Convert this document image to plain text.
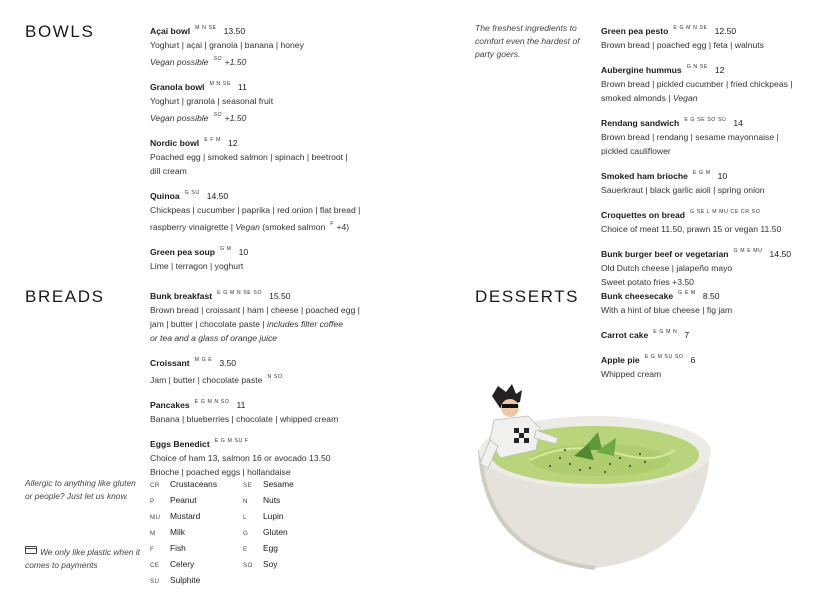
BOWLS
BREADS	DESSERTS
The freshest ingredients to comfort even the hardest of party goers.
Açai bowl $^{M N SE}$ 13.50
Yoghurt | açai | granola | banana | honey
Vegan possible $^{SO}$ +1.50
Granola bowl $^{M N SE}$ 11
Yoghurt | granola | seasonal fruit
Vegan possible $^{SO}$ +1.50
Nordic bowl $^{E F M}$ 12
Poached egg | smoked salmon | spinach | beetroot |
dill cream
Quinoa $^{G SU}$ 14.50
Chickpeas | cucumber | paprika | red onion | flat bread |
raspberry vinaigrette | Vegan (smoked salmon $^F$ +4)
Green pea soup $^{G M}$ 10
Lime | terragon | yoghurt
Bunk breakfast $^{E G M N SE SO}$ 15.50
Brown bread | croissant | ham | cheese | poached egg |
jam | butter | chocolate paste | includes filter coffee
or tea and a glass of orange juice
Croissant $^{M G E}$ 3.50
Jam | butter | chocolate paste $^{N SO}$
Pancakes $^{E G M N SO}$ 11
Banana | blueberries | chocolate | whipped cream
Eggs Benedict $^{E G M SU F}$
Choice of ham 13, salmon 16 or avocado 13.50
Brioche | poached eggs | hollandaise
Green pea pesto $^{E G M N SE}$ 12.50
Brown bread | poached egg | feta | walnuts
Aubergine hummus $^{G N SE}$ 12
Brown bread | pickled cucumber | fried chickpeas |
smoked almonds | Vegan
Rendang sandwich $^{E G SE SO SU}$ 14
Brown bread | rendang | sesame mayonnaise |
pickled cauliflower
Smoked ham brioche $^{E G M}$ 10
Sauerkraut | black garlic aioli | spring onion
Croquettes on bread $^{G SE L M MU CE CR SO}$
Choice of meat 11.50, prawn 15 or vegan 11.50
Bunk burger beef or vegetarian $^{G M E MU}$ 14.50
Old Dutch cheese | jalapeño mayo
Sweet potato fries +3.50
Bunk cheesecake $^{G E M}$ 8.50
With a hint of blue cheese | fig jam
Carrot cake $^{E G M N}$ 7
Apple pie $^{E G M SU SO}$ 6
Whipped cream
Allergic to anything like gluten or people? Just let us know.
We only like plastic when it comes to payments
CR Crustaceans
P Peanut
MU Mustard
M Milk
F Fish
CE Celery
SU Sulphite
SE Sesame
N Nuts
L Lupin
G Gluten
E Egg
SO Soy
